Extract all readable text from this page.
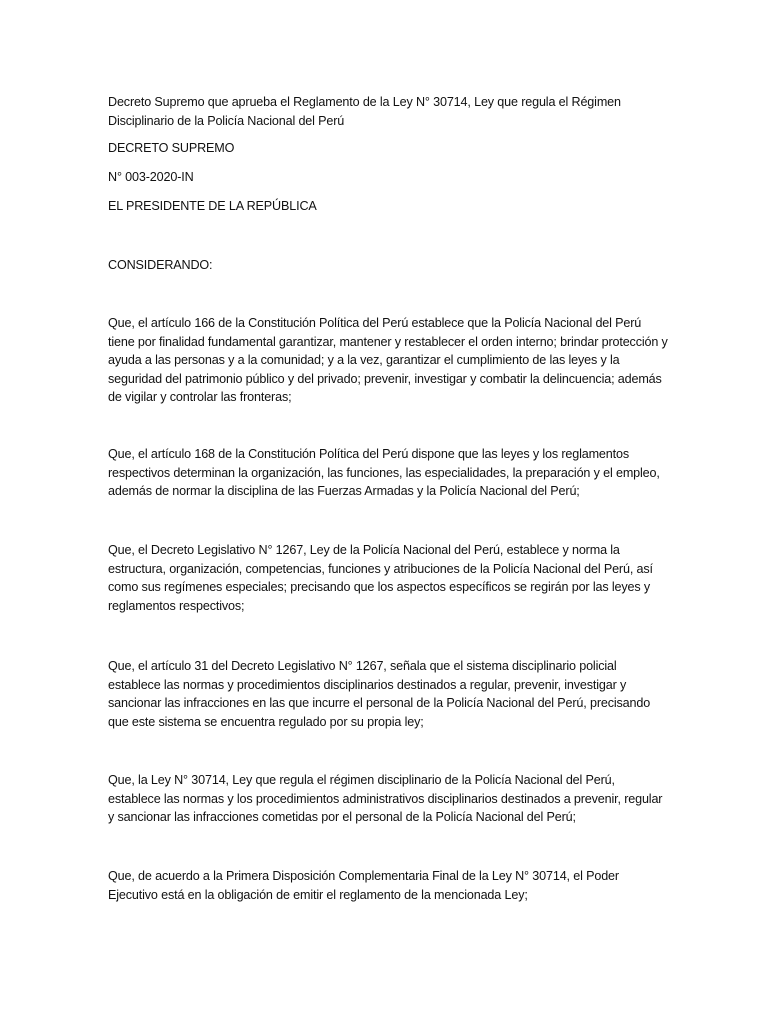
Decreto Supremo que aprueba el Reglamento de la Ley N° 30714, Ley que regula el Régimen Disciplinario de la Policía Nacional del Perú

DECRETO SUPREMO

N° 003-2020-IN

EL PRESIDENTE DE LA REPÚBLICA

CONSIDERANDO:

Que, el artículo 166 de la Constitución Política del Perú establece que la Policía Nacional del Perú tiene por finalidad fundamental garantizar, mantener y restablecer el orden interno; brindar protección y ayuda a las personas y a la comunidad; y a la vez, garantizar el cumplimiento de las leyes y la seguridad del patrimonio público y del privado; prevenir, investigar y combatir la delincuencia; además de vigilar y controlar las fronteras;

Que, el artículo 168 de la Constitución Política del Perú dispone que las leyes y los reglamentos respectivos determinan la organización, las funciones, las especialidades, la preparación y el empleo, además de normar la disciplina de las Fuerzas Armadas y la Policía Nacional del Perú;

Que, el Decreto Legislativo N° 1267, Ley de la Policía Nacional del Perú, establece y norma la estructura, organización, competencias, funciones y atribuciones de la Policía Nacional del Perú, así como sus regímenes especiales; precisando que los aspectos específicos se regirán por las leyes y reglamentos respectivos;

Que, el artículo 31 del Decreto Legislativo N° 1267, señala que el sistema disciplinario policial establece las normas y procedimientos disciplinarios destinados a regular, prevenir, investigar y sancionar las infracciones en las que incurre el personal de la Policía Nacional del Perú, precisando que este sistema se encuentra regulado por su propia ley;

Que, la Ley N° 30714, Ley que regula el régimen disciplinario de la Policía Nacional del Perú, establece las normas y los procedimientos administrativos disciplinarios destinados a prevenir, regular y sancionar las infracciones cometidas por el personal de la Policía Nacional del Perú;

Que, de acuerdo a la Primera Disposición Complementaria Final de la Ley N° 30714, el Poder Ejecutivo está en la obligación de emitir el reglamento de la mencionada Ley;
